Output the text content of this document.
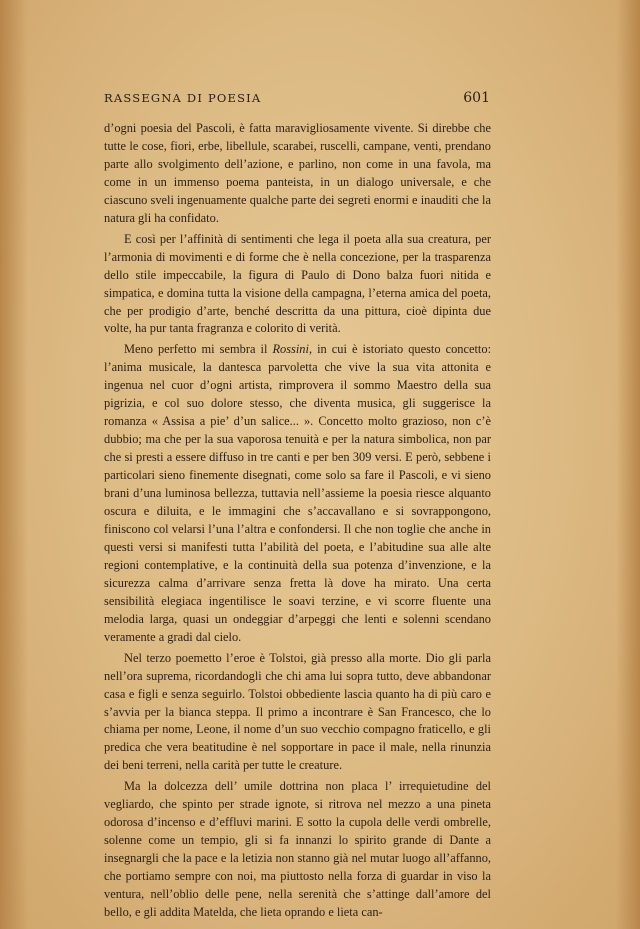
RASSEGNA DI POESIA	601

d’ogni poesia del Pascoli, è fatta maravigliosamente vivente. Si direbbe che tutte le cose, fiori, erbe, libellule, scarabei, ruscelli, campane, venti, prendano parte allo svolgimento dell’azione, e parlino, non come in una favola, ma come in un immenso poema panteista, in un dialogo universale, e che ciascuno sveli ingenuamente qualche parte dei segreti enormi e inauditi che la natura gli ha confidato.

E così per l’affinità di sentimenti che lega il poeta alla sua creatura, per l’armonia di movimenti e di forme che è nella concezione, per la trasparenza dello stile impeccabile, la figura di Paulo di Dono balza fuori nitida e simpatica, e domina tutta la visione della campagna, l’eterna amica del poeta, che per prodigio d’arte, benché descritta da una pittura, cioè dipinta due volte, ha pur tanta fragranza e colorito di verità.

Meno perfetto mi sembra il Rossini, in cui è istoriato questo concetto: l’anima musicale, la dantesca parvoletta che vive la sua vita attonita e ingenua nel cuor d’ogni artista, rimprovera il sommo Maestro della sua pigrizia, e col suo dolore stesso, che diventa musica, gli suggerisce la romanza « Assisa a pie’ d’un salice... ». Concetto molto grazioso, non c’è dubbio; ma che per la sua vaporosa tenuità e per la natura simbolica, non par che si presti a essere diffuso in tre canti e per ben 309 versi. E però, sebbene i particolari sieno finemente disegnati, come solo sa fare il Pascoli, e vi sieno brani d’una luminosa bellezza, tuttavia nell’assieme la poesia riesce alquanto oscura e diluita, e le immagini che s’accavallano e si sovrappongono, finiscono col velarsi l’una l’altra e confondersi. Il che non toglie che anche in questi versi si manifesti tutta l’abilità del poeta, e l’abitudine sua alle alte regioni contemplative, e la continuità della sua potenza d’invenzione, e la sicurezza calma d’arrivare senza fretta là dove ha mirato. Una certa sensibilità elegiaca ingentilisce le soavi terzine, e vi scorre fluente una melodia larga, quasi un ondeggiar d’arpeggi che lenti e solenni scendano veramente a gradi dal cielo.

Nel terzo poemetto l’eroe è Tolstoi, già presso alla morte. Dio gli parla nell’ora suprema, ricordandogli che chi ama lui sopra tutto, deve abbandonar casa e figli e senza seguirlo. Tolstoi obbediente lascia quanto ha di più caro e s’avvia per la bianca steppa. Il primo a incontrare è San Francesco, che lo chiama per nome, Leone, il nome d’un suo vecchio compagno fraticello, e gli predica che vera beatitudine è nel sopportare in pace il male, nella rinunzia dei beni terreni, nella carità per tutte le creature.

Ma la dolcezza dell’ umile dottrina non placa l’ irrequietudine del vegliardo, che spinto per strade ignote, si ritrova nel mezzo a una pineta odorosa d’incenso e d’effluvi marini. E sotto la cupola delle verdi ombrelle, solenne come un tempio, gli si fa innanzi lo spirito grande di Dante a insegnargli che la pace e la letizia non stanno già nel mutar luogo all’affanno, che portiamo sempre con noi, ma piuttosto nella forza di guardar in viso la ventura, nell’oblio delle pene, nella serenità che s’attinge dall’amore del bello, e gli addita Matelda, che lieta oprando e lieta can-
